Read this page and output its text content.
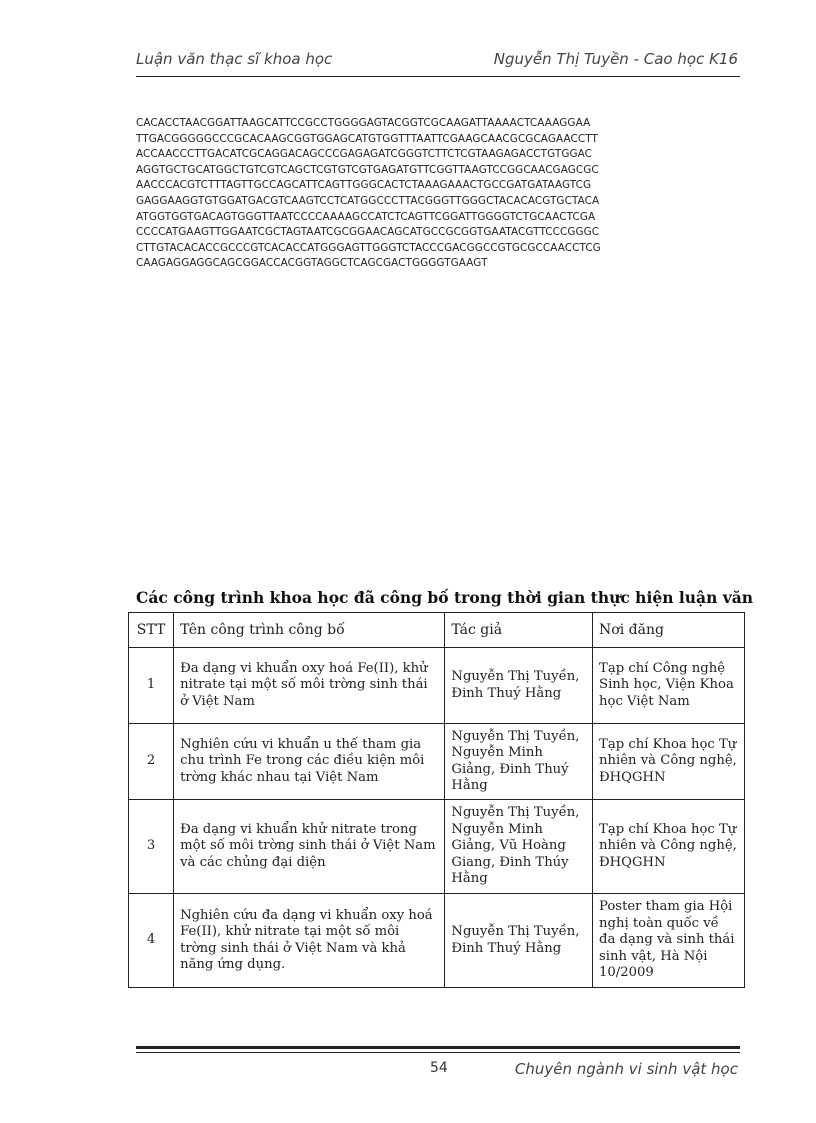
Luận văn thạc sĩ khoa học	Nguyễn Thị Tuyền - Cao học K16
CACACCTAACGGATTAAGCATTCCGCCTGGGGAGTACGGTCGCAAGATTAAAACTCAAAGGAA
TTGACGGGGGCCCGCACAAGCGGTGGAGCATGTGGTTTAATTCGAAGCAACGCGCAGAACCTT
ACCAACCCTTGACATCGCAGGACAGCCCGAGAGATCGGGTCTTCTCGTAAGAGACCTGTGGAC
AGGTGCTGCATGGCTGTCGTCAGCTCGTGTCGTGAGATGTTCGGTTAAGTCCGGCAACGAGCGC
AACCCACGTCTTTAGTTGCCAGCATTCAGTTGGGCACTCTAAAGAAACTGCCGATGATAAGTCG
GAGGAAGGTGTGGATGACGTCAAGTCCTCATGGCCCTTACGGGTTGGGCTACACACGTGCTACA
ATGGTGGTGACAGTGGGTTAATCCCCAAAAGCCATCTCAGTTCGGATTGGGGTCTGCAACTCGA
CCCCATGAAGTTGGAATCGCTAGTAATCGCGGAACAGCATGCCGCGGTGAATACGTTCCCGGGC
CTTGTACACACCGCCCGTCACACCATGGGAGTTGGGTCTACCCGACGGCCGTGCGCCAACCTCG
CAAGAGGAGGCAGCGGACCACGGTAGGCTCAGCGACTGGGGTGAAGT
Các công trình khoa học đã công bố trong thời gian thực hiện luận văn
STT	Tên công trình công bố	Tác giả	Nơi đăng
1	Đa dạng vi khuẩn oxy hoá Fe(II), khử nitrate tại một số môi trờng sinh thái ở Việt Nam	Nguyễn Thị Tuyền, Đinh Thuý Hằng	Tạp chí Công nghệ Sinh học, Viện Khoa học Việt Nam
2	Nghiên cứu vi khuẩn u thế tham gia chu trình Fe trong các điều kiện môi trờng khác nhau tại Việt Nam	Nguyễn Thị Tuyền, Nguyễn Minh Giảng, Đinh Thuý Hằng	Tạp chí Khoa học Tự nhiên và Công nghệ, ĐHQGHN
3	Đa dạng vi khuẩn khử nitrate trong một số môi trờng sinh thái ở Việt Nam và các chủng đại diện	Nguyễn Thị Tuyền, Nguyễn Minh Giảng, Vũ Hoàng Giang, Đinh Thúy Hằng	Tạp chí Khoa học Tự nhiên và Công nghệ, ĐHQGHN
4	Nghiên cứu đa dạng vi khuẩn oxy hoá Fe(II), khử nitrate tại một số môi trờng sinh thái ở Việt Nam và khả năng ứng dụng.	Nguyễn Thị Tuyền, Đinh Thuý Hằng	Poster tham gia Hội nghị toàn quốc về đa dạng và sinh thái sinh vật, Hà Nội 10/2009
54	Chuyên ngành vi sinh vật học
